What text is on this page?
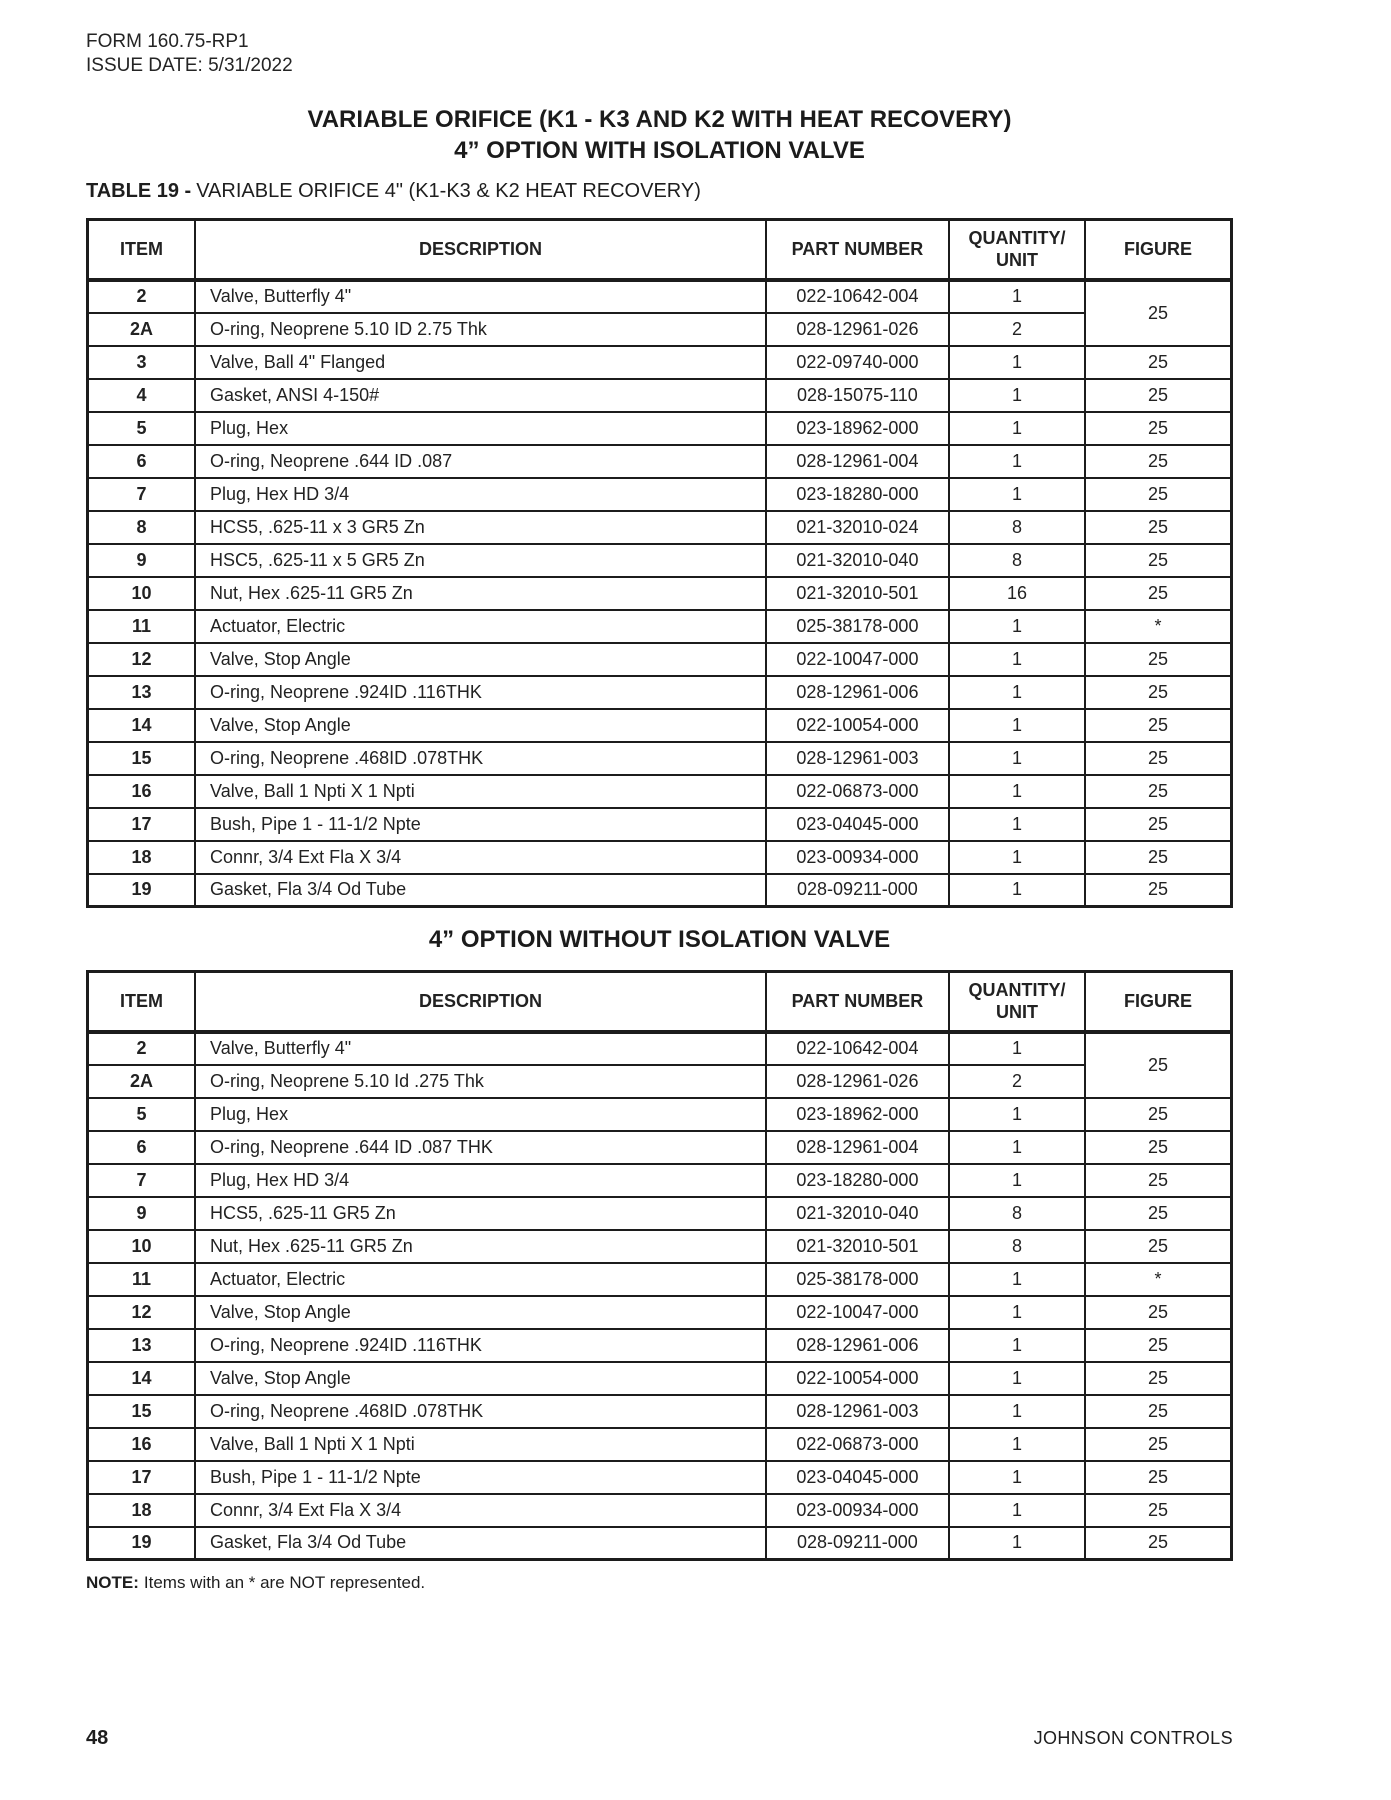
FORM 160.75-RP1
ISSUE DATE: 5/31/2022
VARIABLE ORIFICE (K1 - K3 AND K2 WITH HEAT RECOVERY)
4” OPTION WITH ISOLATION VALVE
TABLE 19 - VARIABLE ORIFICE 4" (K1-K3 & K2 HEAT RECOVERY)
ITEM	DESCRIPTION	PART NUMBER	QUANTITY/
UNIT	FIGURE
2	Valve, Butterfly 4"	022-10642-004	1	25
2A	O-ring, Neoprene 5.10 ID 2.75 Thk	028-12961-026	2	
3	Valve, Ball 4" Flanged	022-09740-000	1	25
4	Gasket, ANSI 4-150#	028-15075-110	1	25
5	Plug, Hex	023-18962-000	1	25
6	O-ring, Neoprene .644 ID .087	028-12961-004	1	25
7	Plug, Hex HD 3/4	023-18280-000	1	25
8	HCS5, .625-11 x 3 GR5 Zn	021-32010-024	8	25
9	HSC5, .625-11 x 5 GR5 Zn	021-32010-040	8	25
10	Nut, Hex .625-11 GR5 Zn	021-32010-501	16	25
11	Actuator, Electric	025-38178-000	1	*
12	Valve, Stop Angle	022-10047-000	1	25
13	O-ring, Neoprene .924ID .116THK	028-12961-006	1	25
14	Valve, Stop Angle	022-10054-000	1	25
15	O-ring, Neoprene .468ID .078THK	028-12961-003	1	25
16	Valve, Ball 1 Npti X 1 Npti	022-06873-000	1	25
17	Bush, Pipe 1 - 11-1/2 Npte	023-04045-000	1	25
18	Connr, 3/4 Ext Fla X 3/4	023-00934-000	1	25
19	Gasket, Fla 3/4 Od Tube	028-09211-000	1	25
4” OPTION WITHOUT ISOLATION VALVE
ITEM	DESCRIPTION	PART NUMBER	QUANTITY/
UNIT	FIGURE
2	Valve, Butterfly 4"	022-10642-004	1	25
2A	O-ring, Neoprene 5.10 Id .275 Thk	028-12961-026	2	
5	Plug, Hex	023-18962-000	1	25
6	O-ring, Neoprene .644 ID .087 THK	028-12961-004	1	25
7	Plug, Hex HD 3/4	023-18280-000	1	25
9	HCS5, .625-11 GR5 Zn	021-32010-040	8	25
10	Nut, Hex .625-11 GR5 Zn	021-32010-501	8	25
11	Actuator, Electric	025-38178-000	1	*
12	Valve, Stop Angle	022-10047-000	1	25
13	O-ring, Neoprene .924ID .116THK	028-12961-006	1	25
14	Valve, Stop Angle	022-10054-000	1	25
15	O-ring, Neoprene .468ID .078THK	028-12961-003	1	25
16	Valve, Ball 1 Npti X 1 Npti	022-06873-000	1	25
17	Bush, Pipe 1 - 11-1/2 Npte	023-04045-000	1	25
18	Connr, 3/4 Ext Fla X 3/4	023-00934-000	1	25
19	Gasket, Fla 3/4 Od Tube	028-09211-000	1	25
NOTE: Items with an * are NOT represented.
48	JOHNSON CONTROLS
